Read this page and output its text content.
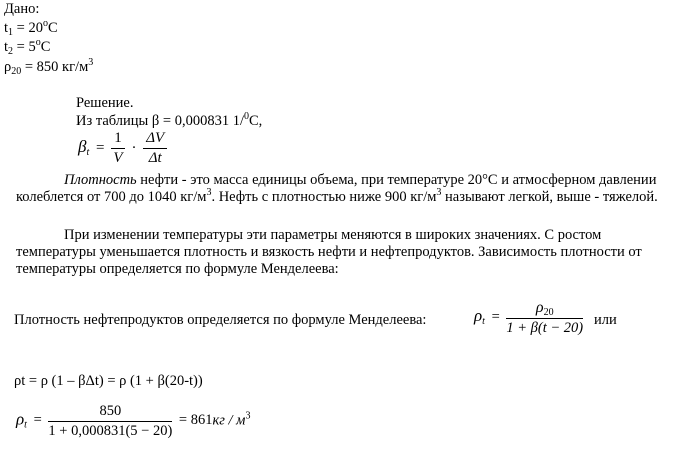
Дано:
$t_1 = 20^oC$
$t_2 = 5^oC$
$\rho_{20} = 850$ $кг/м^3$
Решение.
Из таблицы β = 0,000831 1/$^0$С,
$\beta_t = \frac{1}{V} \cdot \frac{\Delta V}{\Delta t}$
Плотность нефти - это масса единицы объема, при температуре 20°С и атмосферном давлении колеблется от 700 до 1040 $кг/м^3$. Нефть с плотностью ниже 900 $кг/м^3$ называют легкой, выше - тяжелой.
При изменении температуры эти параметры меняются в широких значениях. С ростом температуры уменьшается плотность и вязкость нефти и нефтепродуктов. Зависимость плотности от температуры определяется по формуле Менделеева:
Плотность нефтепродуктов определяется по формуле Менделеева:	$\rho_t = \frac{\rho_{20}}{1 + \beta(t - 20)}$ или
ρt = ρ (1 – βΔt) = ρ (1 + β(20-t))
$\rho_t = \frac{850}{1 + 0,000831(5 - 20)} = 861кг / м^3$
